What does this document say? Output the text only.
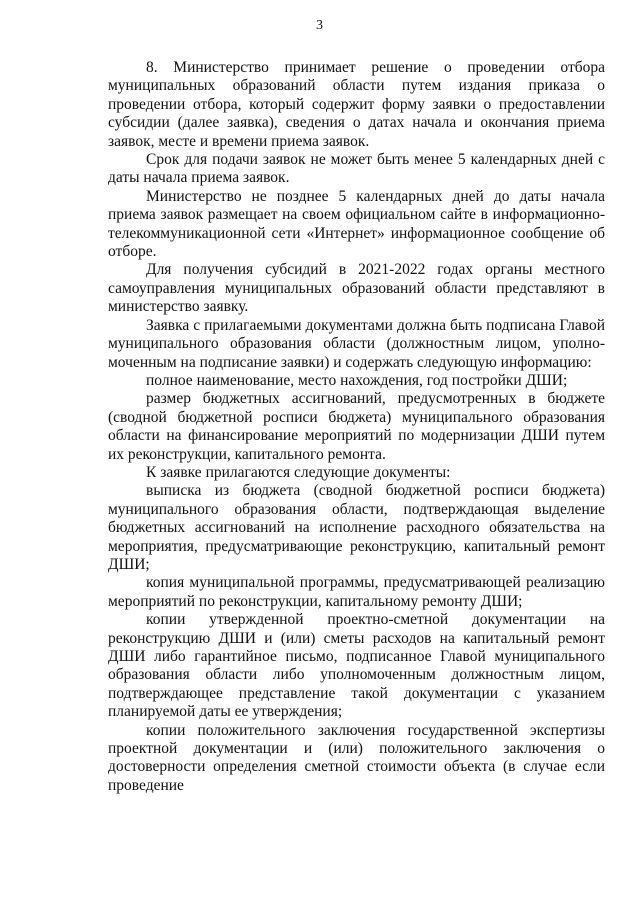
3

8. Министерство принимает решение о проведении отбора муниципальных образований области путем издания приказа о проведении отбора, который содержит форму заявки о предоставлении субсидии (далее заявка), сведения о датах начала и окончания приема заявок, месте и времени приема заявок.

Срок для подачи заявок не может быть менее 5 календарных дней с даты начала приема заявок.

Министерство не позднее 5 календарных дней до даты начала приема заявок размещает на своем официальном сайте в информационно-телекоммуникационной сети «Интернет» информационное сообщение об отборе.

Для получения субсидий в 2021-2022 годах органы местного самоуправления муниципальных образований области представляют в министерство заявку.

Заявка с прилагаемыми документами должна быть подписана Главой муниципального образования области (должностным лицом, уполно-моченным на подписание заявки) и содержать следующую информацию:

полное наименование, место нахождения, год постройки ДШИ;

размер бюджетных ассигнований, предусмотренных в бюджете (сводной бюджетной росписи бюджета) муниципального образования области на финансирование мероприятий по модернизации ДШИ путем их реконструкции, капитального ремонта.

К заявке прилагаются следующие документы:

выписка из бюджета (сводной бюджетной росписи бюджета) муниципального образования области, подтверждающая выделение бюджетных ассигнований на исполнение расходного обязательства на мероприятия, предусматривающие реконструкцию, капитальный ремонт ДШИ;

копия муниципальной программы, предусматривающей реализацию мероприятий по реконструкции, капитальному ремонту ДШИ;

копии утвержденной проектно-сметной документации на реконструкцию ДШИ и (или) сметы расходов на капитальный ремонт ДШИ либо гарантийное письмо, подписанное Главой муниципального образования области либо уполномоченным должностным лицом, подтверждающее представление такой документации с указанием планируемой даты ее утверждения;

копии положительного заключения государственной экспертизы проектной документации и (или) положительного заключения о достоверности определения сметной стоимости объекта (в случае если проведение
